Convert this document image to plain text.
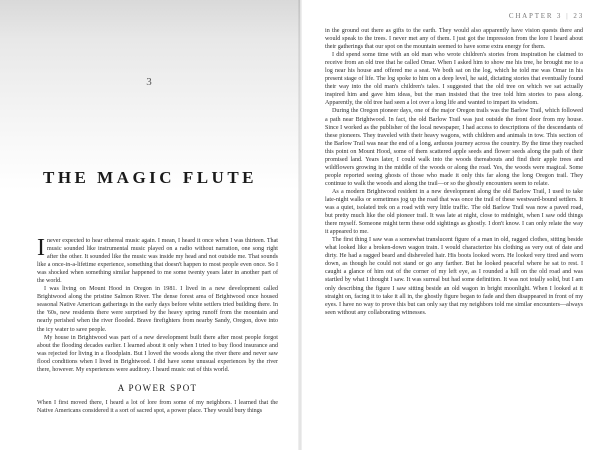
3
THE MAGIC FLUTE

Inever expected to hear ethereal music again. I mean, I heard it once when I was thirteen. That music sounded like instrumental music played on a radio without narration, one song right after the other. It sounded like the music was inside my head and not outside me. That sounds like a once-in-a-lifetime experience, something that doesn't happen to most people even once. So I was shocked when something similar happened to me some twenty years later in another part of the world.

I was living on Mount Hood in Oregon in 1981. I lived in a new development called Brightwood along the pristine Salmon River. The dense forest area of Brightwood once housed seasonal Native American gatherings in the early days before white settlers tried building there. In the '60s, new residents there were surprised by the heavy spring runoff from the mountain and nearly perished when the river flooded. Brave firefighters from nearby Sandy, Oregon, dove into the icy water to save people.

My house in Brightwood was part of a new development built there after most people forgot about the flooding decades earlier. I learned about it only when I tried to buy flood insurance and was rejected for living in a floodplain. But I loved the woods along the river there and never saw flood conditions when I lived in Brightwood. I did have some unusual experiences by the river there, however. My experiences were auditory. I heard music out of this world.

A POWER SPOT

When I first moved there, I heard a lot of lore from some of my neighbors. I learned that the Native Americans considered it a sort of sacred spot, a power place. They would bury things

CHAPTER 3 | 23

in the ground out there as gifts to the earth. They would also apparently have vision quests there and would speak to the trees. I never met any of them. I just got the impression from the lore I heard about their gatherings that our spot on the mountain seemed to have some extra energy for them.

I did spend some time with an old man who wrote children's stories from inspiration he claimed to receive from an old tree that he called Omar. When I asked him to show me his tree, he brought me to a log near his house and offered me a seat. We both sat on the log, which he told me was Omar in his present stage of life. The log spoke to him on a deep level, he said, dictating stories that eventually found their way into the old man's children's tales. I suggested that the old tree on which we sat actually inspired him and gave him ideas, but the man insisted that the tree told him stories to pass along. Apparently, the old tree had seen a lot over a long life and wanted to impart its wisdom.

During the Oregon pioneer days, one of the major Oregon trails was the Barlow Trail, which followed a path near Brightwood. In fact, the old Barlow Trail was just outside the front door from my house. Since I worked as the publisher of the local newspaper, I had access to descriptions of the descendants of these pioneers. They traveled with their heavy wagons, with children and animals in tow. This section of the Barlow Trail was near the end of a long, arduous journey across the country. By the time they reached this point on Mount Hood, some of them scattered apple seeds and flower seeds along the path of their promised land. Years later, I could walk into the woods thereabouts and find their apple trees and wildflowers growing in the middle of the woods or along the road. Yes, the woods were magical. Some people reported seeing ghosts of those who made it only this far along the long Oregon trail. They continue to walk the woods and along the trail—or so the ghostly encounters seem to relate.

As a modern Brightwood resident in a new development along the old Barlow Trail, I used to take late-night walks or sometimes jog up the road that was once the trail of these westward-bound settlers. It was a quiet, isolated trek on a road with very little traffic. The old Barlow Trail was now a paved road, but pretty much like the old pioneer trail. It was late at night, close to midnight, when I saw odd things there myself. Someone might term these odd sightings as ghostly. I don't know. I can only relate the way it appeared to me.

The first thing I saw was a somewhat translucent figure of a man in old, ragged clothes, sitting beside what looked like a broken-down wagon train. I would characterize his clothing as very out of date and dirty. He had a ragged beard and disheveled hair. His boots looked worn. He looked very tired and worn down, as though he could not stand or go any farther. But he looked peaceful where he sat to rest. I caught a glance of him out of the corner of my left eye, as I rounded a hill on the old road and was startled by what I thought I saw. It was surreal but had some definition. It was not totally solid, but I am only describing the figure I saw sitting beside an old wagon in bright moonlight. When I looked at it straight on, facing it to take it all in, the ghostly figure began to fade and then disappeared in front of my eyes. I have no way to prove this but can only say that my neighbors told me similar encounters—always seen without any collaborating witnesses.
